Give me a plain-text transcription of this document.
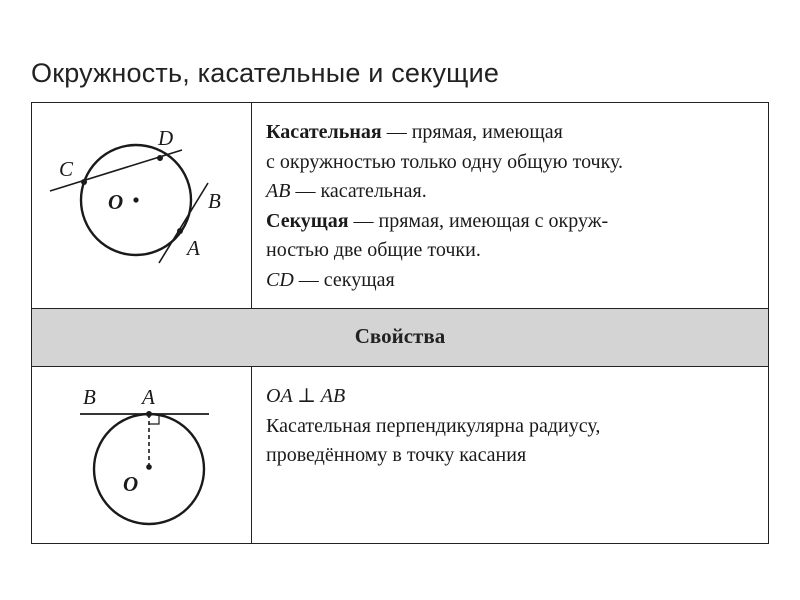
Окружность, касательные и секущие
C
D
O	B
A
Касательная — прямая, имеющая
с окружностью только одну общую точку.
AB — касательная.
Секущая — прямая, имеющая с окруж-
ностью две общие точки.
CD — секущая
Свойства
B A
O
OA ⊥ AB
Касательная перпендикулярна радиусу,
проведённому в точку касания
